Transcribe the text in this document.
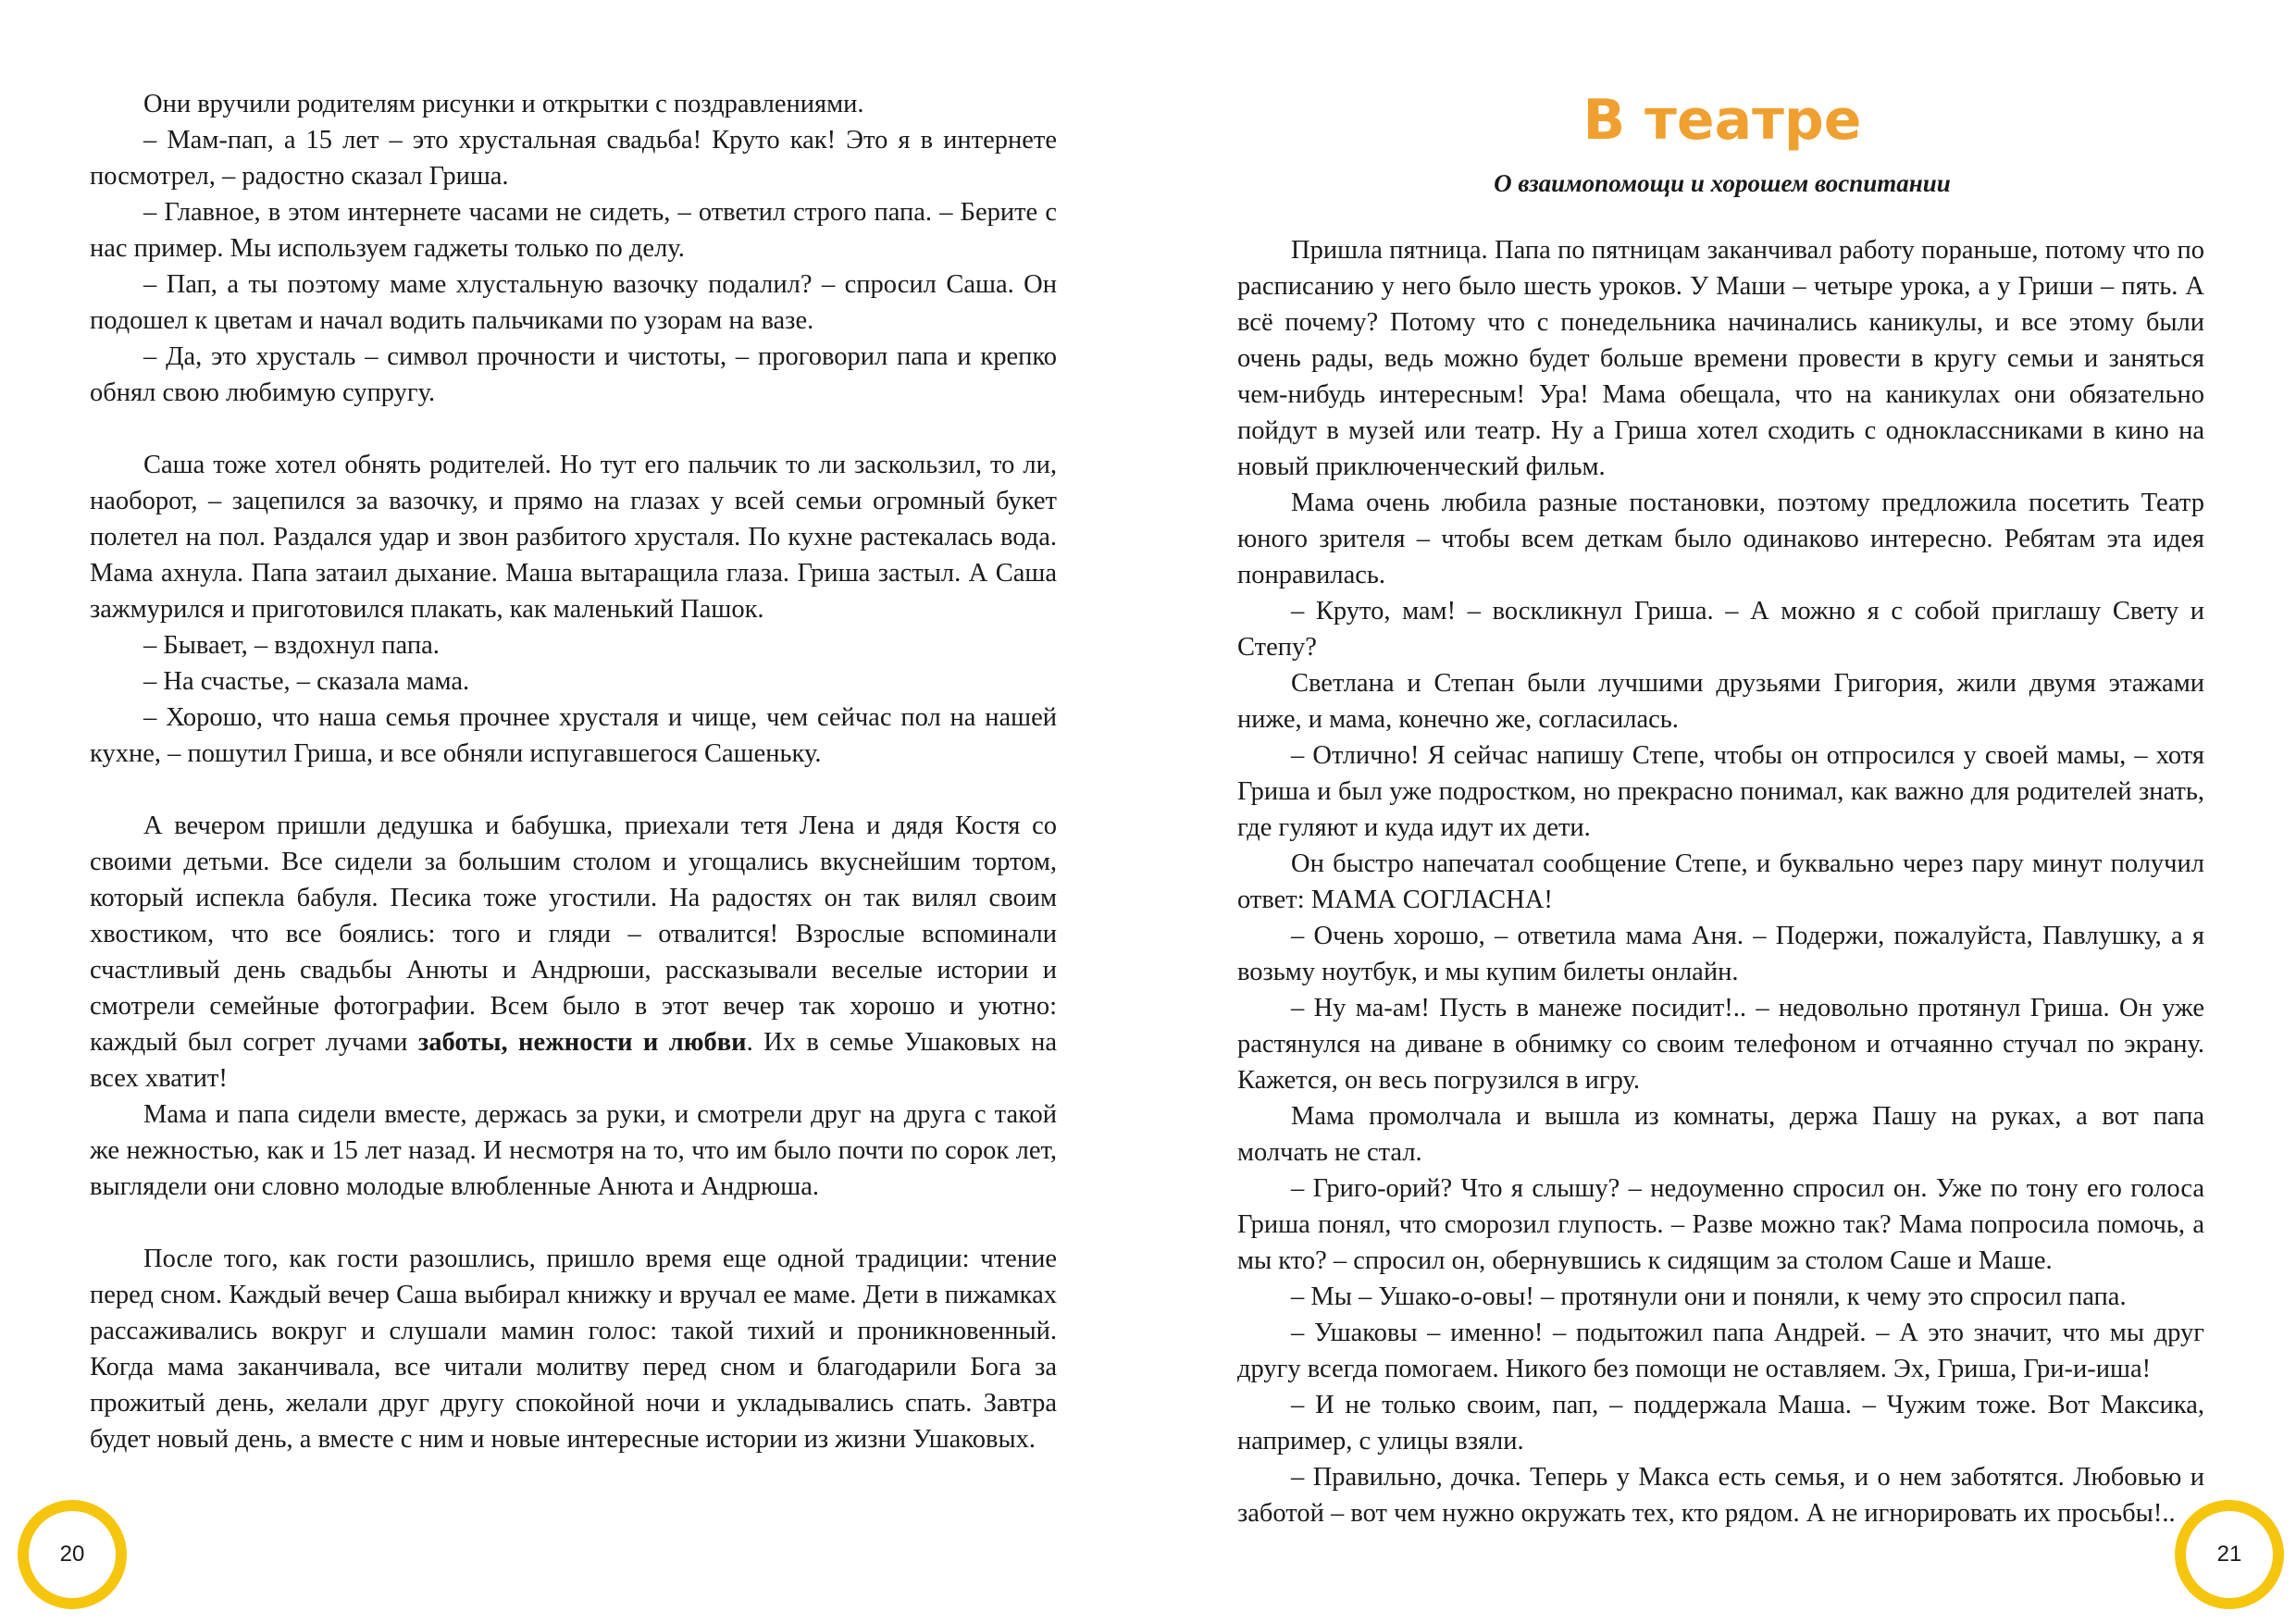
Они вручили родителям рисунки и открытки с поздравлениями.

– Мам-пап, а 15 лет – это хрустальная свадьба! Круто как! Это я в интернете посмотрел, – радостно сказал Гриша.

– Главное, в этом интернете часами не сидеть, – ответил строго папа. – Берите с нас пример. Мы используем гаджеты только по делу.

– Пап, а ты поэтому маме хлустальную вазочку подалил? – спросил Саша. Он подошел к цветам и начал водить пальчиками по узорам на вазе.

– Да, это хрусталь – символ прочности и чистоты, – проговорил папа и крепко обнял свою любимую супругу.

Саша тоже хотел обнять родителей. Но тут его пальчик то ли заскользил, то ли, наоборот, – зацепился за вазочку, и прямо на глазах у всей семьи огромный букет полетел на пол. Раздался удар и звон разбитого хрусталя. По кухне растекалась вода. Мама ахнула. Папа затаил дыхание. Маша вытаращила глаза. Гриша застыл. А Саша зажмурился и приготовился плакать, как маленький Пашок.

– Бывает, – вздохнул папа.

– На счастье, – сказала мама.

– Хорошо, что наша семья прочнее хрусталя и чище, чем сейчас пол на нашей кухне, – пошутил Гриша, и все обняли испугавшегося Сашеньку.

А вечером пришли дедушка и бабушка, приехали тетя Лена и дядя Костя со своими детьми. Все сидели за большим столом и угощались вкуснейшим тортом, который испекла бабуля. Песика тоже угостили. На радостях он так вилял своим хвостиком, что все боялись: того и гляди – отвалится! Взрослые вспоминали счастливый день свадьбы Анюты и Андрюши, рассказывали веселые истории и смотрели семейные фотографии. Всем было в этот вечер так хорошо и уютно: каждый был согрет лучами заботы, нежности и любви. Их в семье Ушаковых на всех хватит!

Мама и папа сидели вместе, держась за руки, и смотрели друг на друга с такой же нежностью, как и 15 лет назад. И несмотря на то, что им было почти по сорок лет, выглядели они словно молодые влюбленные Анюта и Андрюша.

После того, как гости разошлись, пришло время еще одной традиции: чтение перед сном. Каждый вечер Саша выбирал книжку и вручал ее маме. Дети в пижамках рассаживались вокруг и слушали мамин голос: такой тихий и проникновенный. Когда мама заканчивала, все читали молитву перед сном и благодарили Бога за прожитый день, желали друг другу спокойной ночи и укладывались спать. Завтра будет новый день, а вместе с ним и новые интересные истории из жизни Ушаковых.

20
В театре
О взаимопомощи и хорошем воспитании

Пришла пятница. Папа по пятницам заканчивал работу пораньше, потому что по расписанию у него было шесть уроков. У Маши – четыре урока, а у Гриши – пять. А всё почему? Потому что с понедельника начинались каникулы, и все этому были очень рады, ведь можно будет больше времени провести в кругу семьи и заняться чем-нибудь интересным! Ура! Мама обещала, что на каникулах они обязательно пойдут в музей или театр. Ну а Гриша хотел сходить с одноклассниками в кино на новый приключенческий фильм.

Мама очень любила разные постановки, поэтому предложила посетить Театр юного зрителя – чтобы всем деткам было одинаково интересно. Ребятам эта идея понравилась.

– Круто, мам! – воскликнул Гриша. – А можно я с собой приглашу Свету и Степу?

Светлана и Степан были лучшими друзьями Григория, жили двумя этажами ниже, и мама, конечно же, согласилась.

– Отлично! Я сейчас напишу Степе, чтобы он отпросился у своей мамы, – хотя Гриша и был уже подростком, но прекрасно понимал, как важно для родителей знать, где гуляют и куда идут их дети.

Он быстро напечатал сообщение Степе, и буквально через пару минут получил ответ: МАМА СОГЛАСНА!

– Очень хорошо, – ответила мама Аня. – Подержи, пожалуйста, Павлушку, а я возьму ноутбук, и мы купим билеты онлайн.

– Ну ма-ам! Пусть в манеже посидит!.. – недовольно протянул Гриша. Он уже растянулся на диване в обнимку со своим телефоном и отчаянно стучал по экрану. Кажется, он весь погрузился в игру.

Мама промолчала и вышла из комнаты, держа Пашу на руках, а вот папа молчать не стал.

– Григо-орий? Что я слышу? – недоуменно спросил он. Уже по тону его голоса Гриша понял, что сморозил глупость. – Разве можно так? Мама попросила помочь, а мы кто? – спросил он, обернувшись к сидящим за столом Саше и Маше.

– Мы – Ушако-о-овы! – протянули они и поняли, к чему это спросил папа.

– Ушаковы – именно! – подытожил папа Андрей. – А это значит, что мы друг другу всегда помогаем. Никого без помощи не оставляем. Эх, Гриша, Гри-и-иша!

– И не только своим, пап, – поддержала Маша. – Чужим тоже. Вот Максика, например, с улицы взяли.

– Правильно, дочка. Теперь у Макса есть семья, и о нем заботятся. Любовью и заботой – вот чем нужно окружать тех, кто рядом. А не игнорировать их просьбы!..

21
